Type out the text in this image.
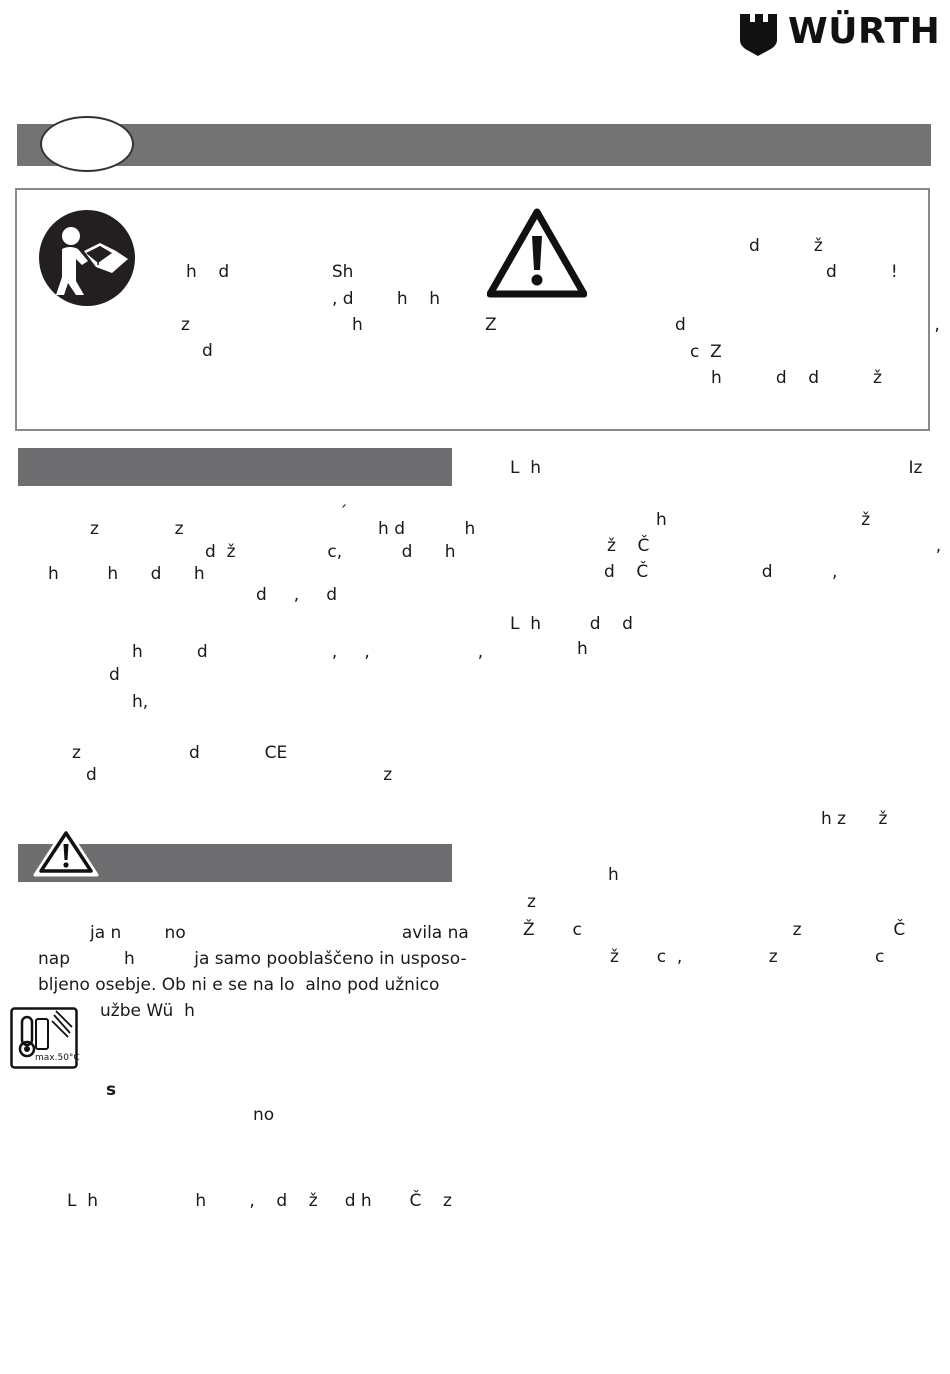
WÜRTH
h    d                   Sh
, d        h    h
z                              h
d
d          ž
d          !
Z                                 d                                              ,
c  Z
h          d    d          ž
´
z              z                                    h d           h
d  ž                 c,           d      h
h         h      d      h
d     ,     d
h          d                       ,     ,                    ,
d
h,
z                    d            CE
d                                                     z
ja n        no                                        avila na
nap          h           ja samo pooblaščeno in usposo-
bljeno osebje. Ob ni e se na lo  alno pod užnico
užbe Wü  h
max.50°C
s
no
L  h                  h        ,    d    ž     d h       Č    z
L  h                                                                    Iz
h                                    ž
ž    Č                                                     ,
d    Č                     d           ,
L  h         d    d
h
h z      ž
h
z
Ž       c                                       z                 Č
ž       c  ,                z                  c
